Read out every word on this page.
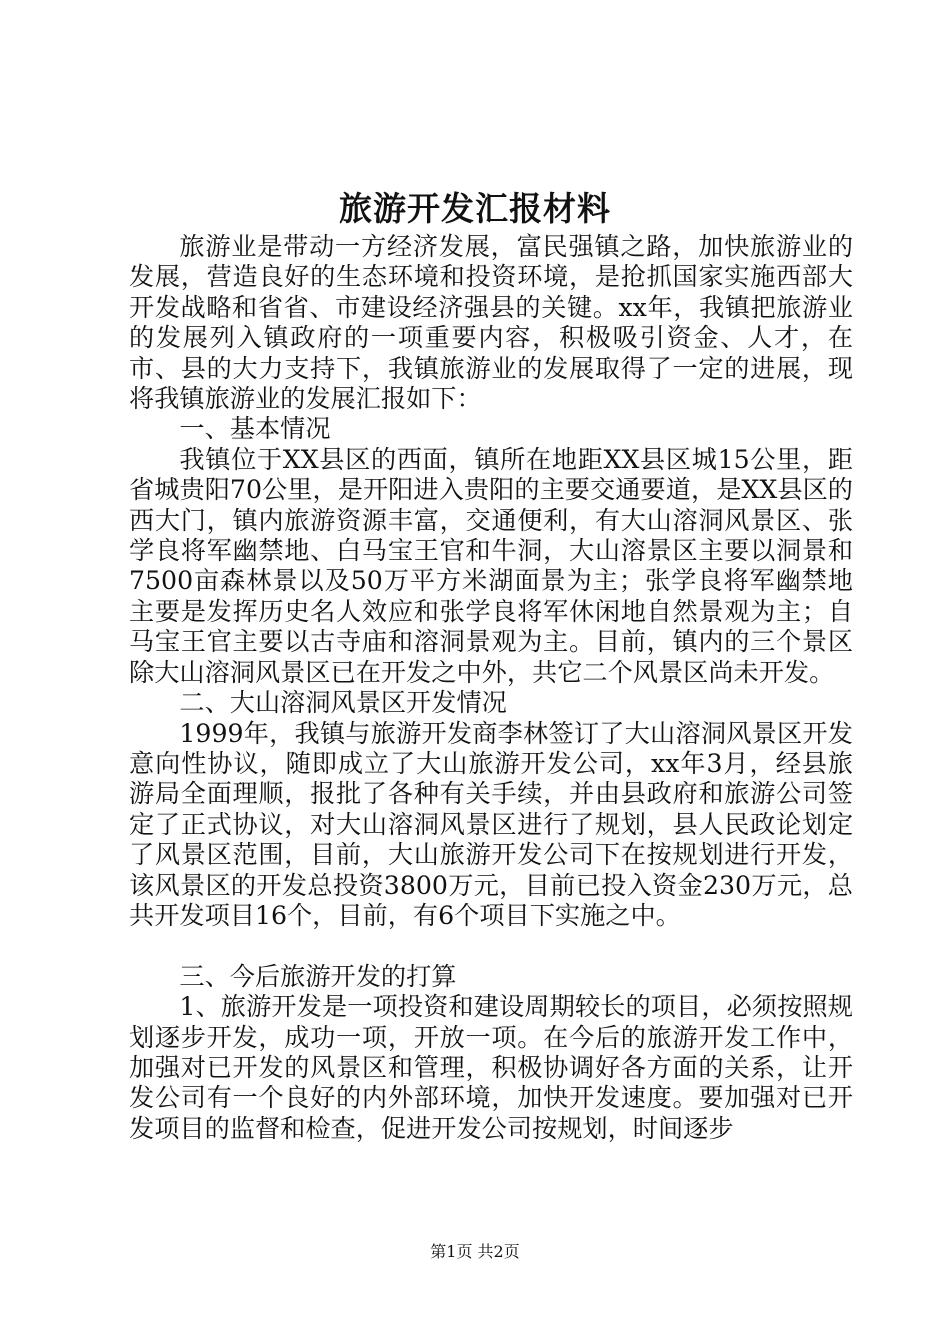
旅游开发汇报材料

旅游业是带动一方经济发展，富民强镇之路，加快旅游业的发展，营造良好的生态环境和投资环境，是抢抓国家实施西部大开发战略和省省、市建设经济强县的关键。xx年，我镇把旅游业的发展列入镇政府的一项重要内容，积极吸引资金、人才，在市、县的大力支持下，我镇旅游业的发展取得了一定的进展，现将我镇旅游业的发展汇报如下：

一、基本情况

我镇位于XX县区的西面，镇所在地距XX县区城15公里，距省城贵阳70公里，是开阳进入贵阳的主要交通要道，是XX县区的西大门，镇内旅游资源丰富，交通便利，有大山溶洞风景区、张学良将军幽禁地、白马宝王官和牛洞，大山溶景区主要以洞景和7500亩森林景以及50万平方米湖面景为主；张学良将军幽禁地主要是发挥历史名人效应和张学良将军休闲地自然景观为主；自马宝王官主要以古寺庙和溶洞景观为主。目前，镇内的三个景区除大山溶洞风景区已在开发之中外，共它二个风景区尚未开发。

二、大山溶洞风景区开发情况

1999年，我镇与旅游开发商李林签订了大山溶洞风景区开发意向性协议，随即成立了大山旅游开发公司，xx年3月，经县旅游局全面理顺，报批了各种有关手续，并由县政府和旅游公司签定了正式协议，对大山溶洞风景区进行了规划，县人民政论划定了风景区范围，目前，大山旅游开发公司下在按规划进行开发，该风景区的开发总投资3800万元，目前已投入资金230万元，总共开发项目16个，目前，有6个项目下实施之中。

三、今后旅游开发的打算

1、旅游开发是一项投资和建设周期较长的项目，必须按照规划逐步开发，成功一项，开放一项。在今后的旅游开发工作中，加强对已开发的风景区和管理，积极协调好各方面的关系，让开发公司有一个良好的内外部环境，加快开发速度。要加强对已开发项目的监督和检查，促进开发公司按规划，时间逐步

第1页 共2页
